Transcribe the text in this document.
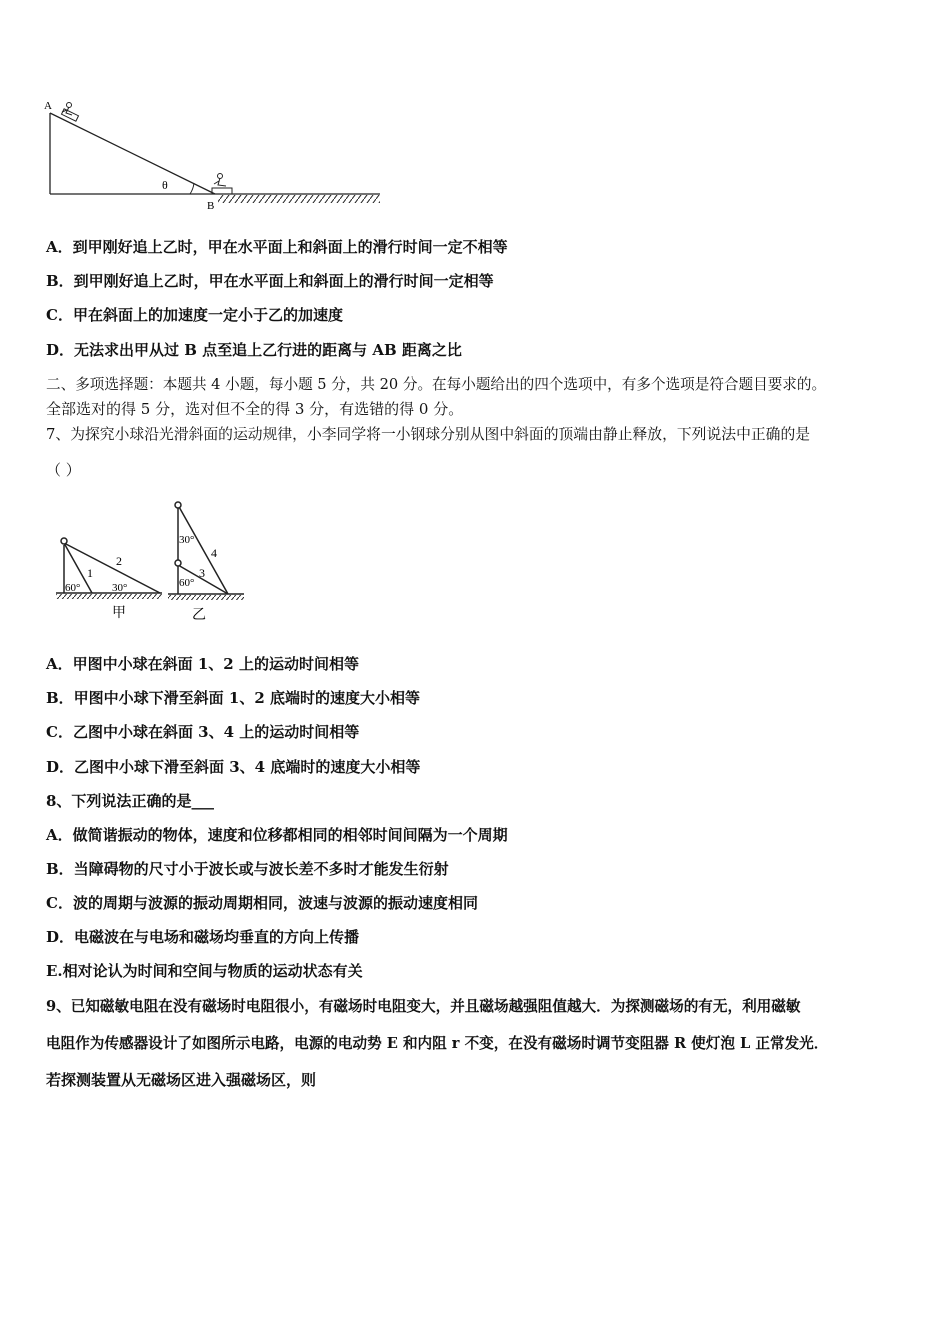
A
B
θ
A．到甲刚好追上乙时，甲在水平面上和斜面上的滑行时间一定不相等
B．到甲刚好追上乙时，甲在水平面上和斜面上的滑行时间一定相等
C．甲在斜面上的加速度一定小于乙的加速度
D．无法求出甲从过 B 点至追上乙行进的距离与 AB 距离之比
二、多项选择题：本题共 4 小题，每小题 5 分，共 20 分。在每小题给出的四个选项中，有多个选项是符合题目要求的。
全部选对的得 5 分，选对但不全的得 3 分，有选错的得 0 分。
7、为探究小球沿光滑斜面的运动规律，小李同学将一小钢球分别从图中斜面的顶端由静止释放，下列说法中正确的是
（ ）
1
2
60°	30°
甲
4
3
30°
60°
乙
A．甲图中小球在斜面 1、2 上的运动时间相等
B．甲图中小球下滑至斜面 1、2 底端时的速度大小相等
C．乙图中小球在斜面 3、4 上的运动时间相等
D．乙图中小球下滑至斜面 3、4 底端时的速度大小相等
8、下列说法正确的是___
A．做简谐振动的物体，速度和位移都相同的相邻时间间隔为一个周期
B．当障碍物的尺寸小于波长或与波长差不多时才能发生衍射
C．波的周期与波源的振动周期相同，波速与波源的振动速度相同
D．电磁波在与电场和磁场均垂直的方向上传播
E.相对论认为时间和空间与物质的运动状态有关
9、已知磁敏电阻在没有磁场时电阻很小，有磁场时电阻变大，并且磁场越强阻值越大．为探测磁场的有无，利用磁敏
电阻作为传感器设计了如图所示电路，电源的电动势 E 和内阻 r 不变，在没有磁场时调节变阻器 R 使灯泡 L 正常发光．
若探测装置从无磁场区进入强磁场区，则
